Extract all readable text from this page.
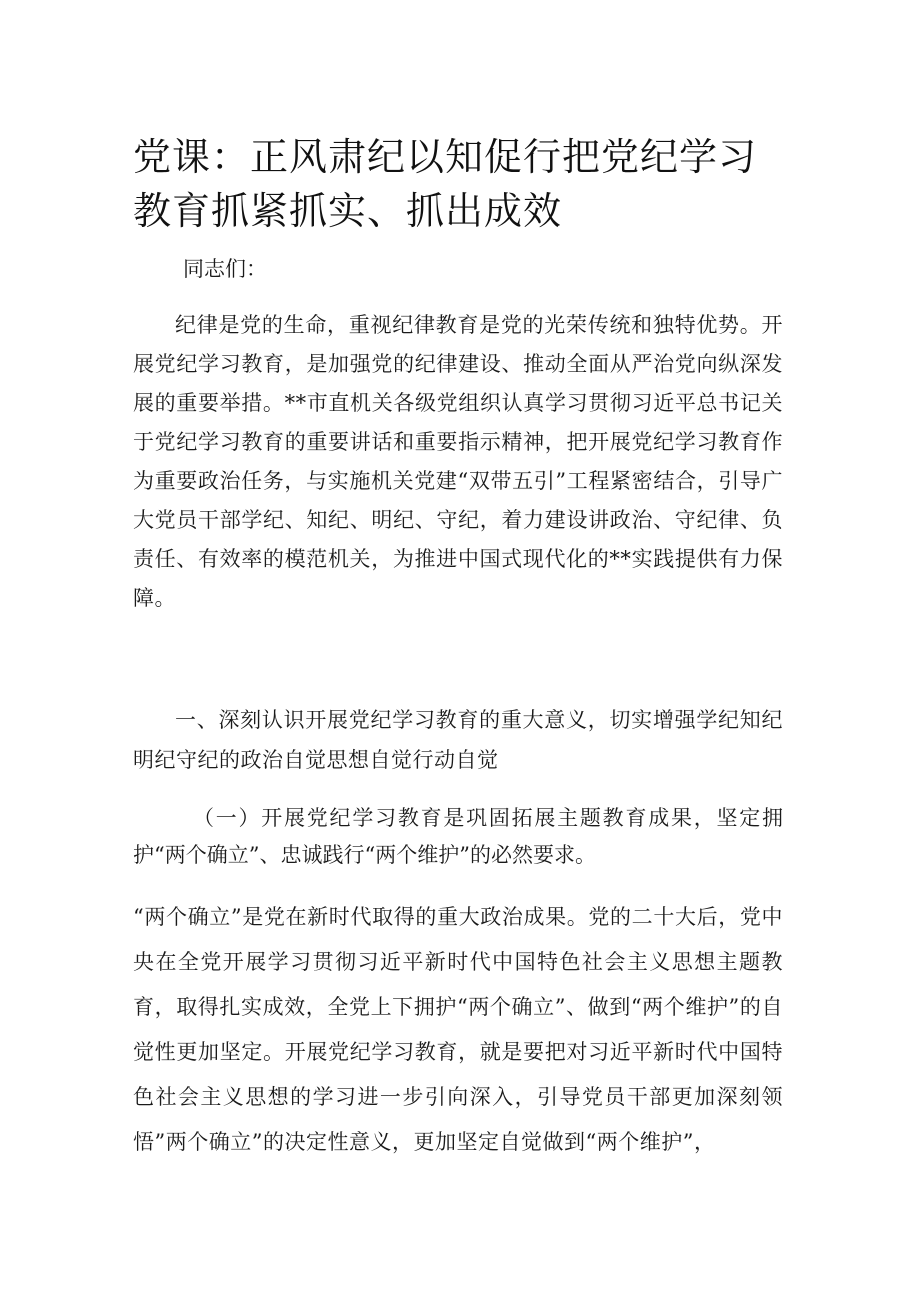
党课：正风肃纪以知促行把党纪学习教育抓紧抓实、抓出成效

同志们：

纪律是党的生命，重视纪律教育是党的光荣传统和独特优势。开展党纪学习教育，是加强党的纪律建设、推动全面从严治党向纵深发展的重要举措。**市直机关各级党组织认真学习贯彻习近平总书记关于党纪学习教育的重要讲话和重要指示精神，把开展党纪学习教育作为重要政治任务，与实施机关党建“双带五引”工程紧密结合，引导广大党员干部学纪、知纪、明纪、守纪，着力建设讲政治、守纪律、负责任、有效率的模范机关，为推进中国式现代化的**实践提供有力保障。

一、深刻认识开展党纪学习教育的重大意义，切实增强学纪知纪明纪守纪的政治自觉思想自觉行动自觉

（一）开展党纪学习教育是巩固拓展主题教育成果，坚定拥护“两个确立”、忠诚践行“两个维护”的必然要求。

“两个确立”是党在新时代取得的重大政治成果。党的二十大后，党中央在全党开展学习贯彻习近平新时代中国特色社会主义思想主题教育，取得扎实成效，全党上下拥护“两个确立”、做到“两个维护”的自觉性更加坚定。开展党纪学习教育，就是要把对习近平新时代中国特色社会主义思想的学习进一步引向深入，引导党员干部更加深刻领悟”两个确立”的决定性意义，更加坚定自觉做到“两个维护”，
